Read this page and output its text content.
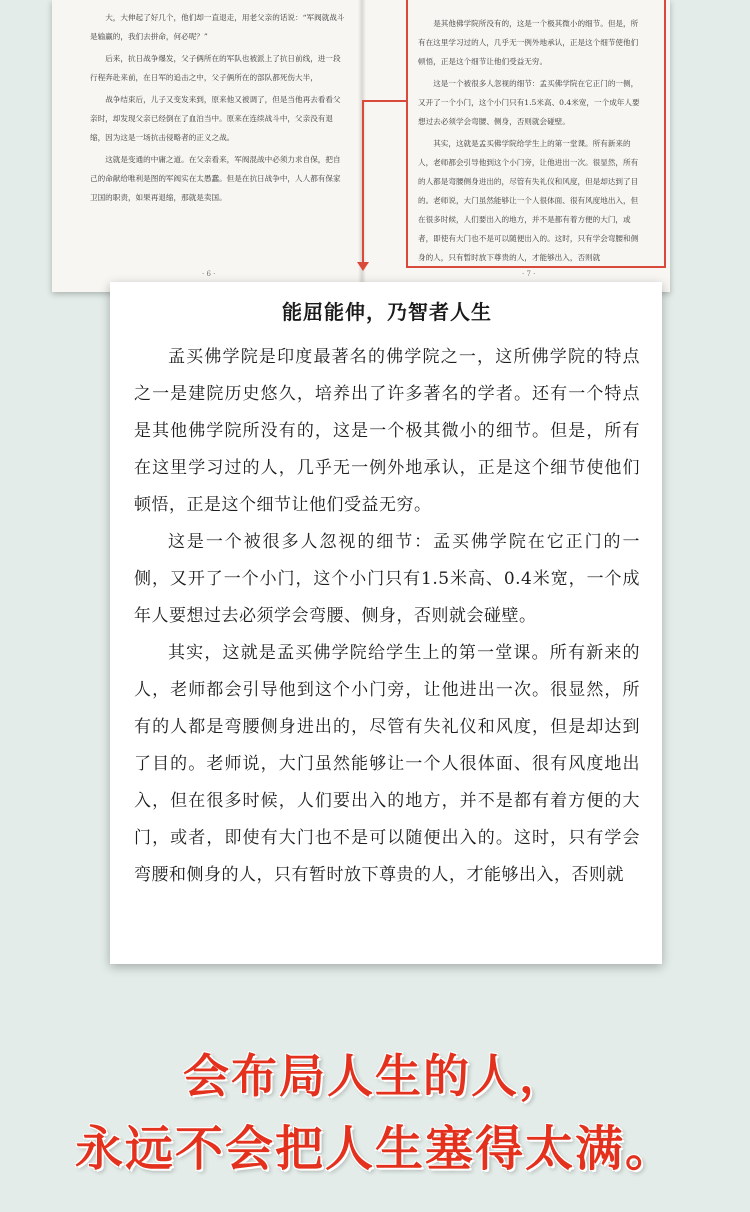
大，大伸起了好几个，他们却一直退走，用老父亲的话说：“军阀就战斗是输赢的，我们去拼命，何必呢？”

后来，抗日战争爆发，父子俩所在的军队也被派上了抗日前线，进一段行程奔赴来前，在日军的追击之中，父子俩所在的部队都死伤大半，

战争结束后，儿子又变发来到，原来他又被调了，但是当他再去看看父亲时，却发现父亲已经倒在了血泊当中。原来在连续战斗中，父亲没有退缩，因为这是一场抗击侵略者的正义之战。

这就是变通的中庸之道。在父亲看来，军阀混战中必须力求自保，把自己的命献给唯利是图的军阀实在太愚蠢。但是在抗日战争中，人人都有保家卫国的职责，如果再退缩，那就是卖国。

· 6 ·

是其他佛学院所没有的，这是一个极其微小的细节。但是，所有在这里学习过的人，几乎无一例外地承认，正是这个细节使他们顿悟，正是这个细节让他们受益无穷。

这是一个被很多人忽视的细节：孟买佛学院在它正门的一侧，又开了一个小门，这个小门只有1.5米高、0.4米宽，一个成年人要想过去必须学会弯腰、侧身，否则就会碰壁。

其实，这就是孟买佛学院给学生上的第一堂课。所有新来的人，老师都会引导他到这个小门旁，让他进出一次。很显然，所有的人都是弯腰侧身进出的，尽管有失礼仪和风度，但是却达到了目的。老师说，大门虽然能够让一个人很体面、很有风度地出入，但在很多时候，人们要出入的地方，并不是都有着方便的大门，或者，即使有大门也不是可以随便出入的。这时，只有学会弯腰和侧身的人，只有暂时放下尊贵的人，才能够出入，否则就

· 7 ·
能屈能伸，乃智者人生

孟买佛学院是印度最著名的佛学院之一，这所佛学院的特点之一是建院历史悠久，培养出了许多著名的学者。还有一个特点是其他佛学院所没有的，这是一个极其微小的细节。但是，所有在这里学习过的人，几乎无一例外地承认，正是这个细节使他们顿悟，正是这个细节让他们受益无穷。

这是一个被很多人忽视的细节：孟买佛学院在它正门的一侧，又开了一个小门，这个小门只有1.5米高、0.4米宽，一个成年人要想过去必须学会弯腰、侧身，否则就会碰壁。

其实，这就是孟买佛学院给学生上的第一堂课。所有新来的人，老师都会引导他到这个小门旁，让他进出一次。很显然，所有的人都是弯腰侧身进出的，尽管有失礼仪和风度，但是却达到了目的。老师说，大门虽然能够让一个人很体面、很有风度地出入，但在很多时候，人们要出入的地方，并不是都有着方便的大门，或者，即使有大门也不是可以随便出入的。这时，只有学会弯腰和侧身的人，只有暂时放下尊贵的人，才能够出入，否则就

会布局人生的人，
永远不会把人生塞得太满。
